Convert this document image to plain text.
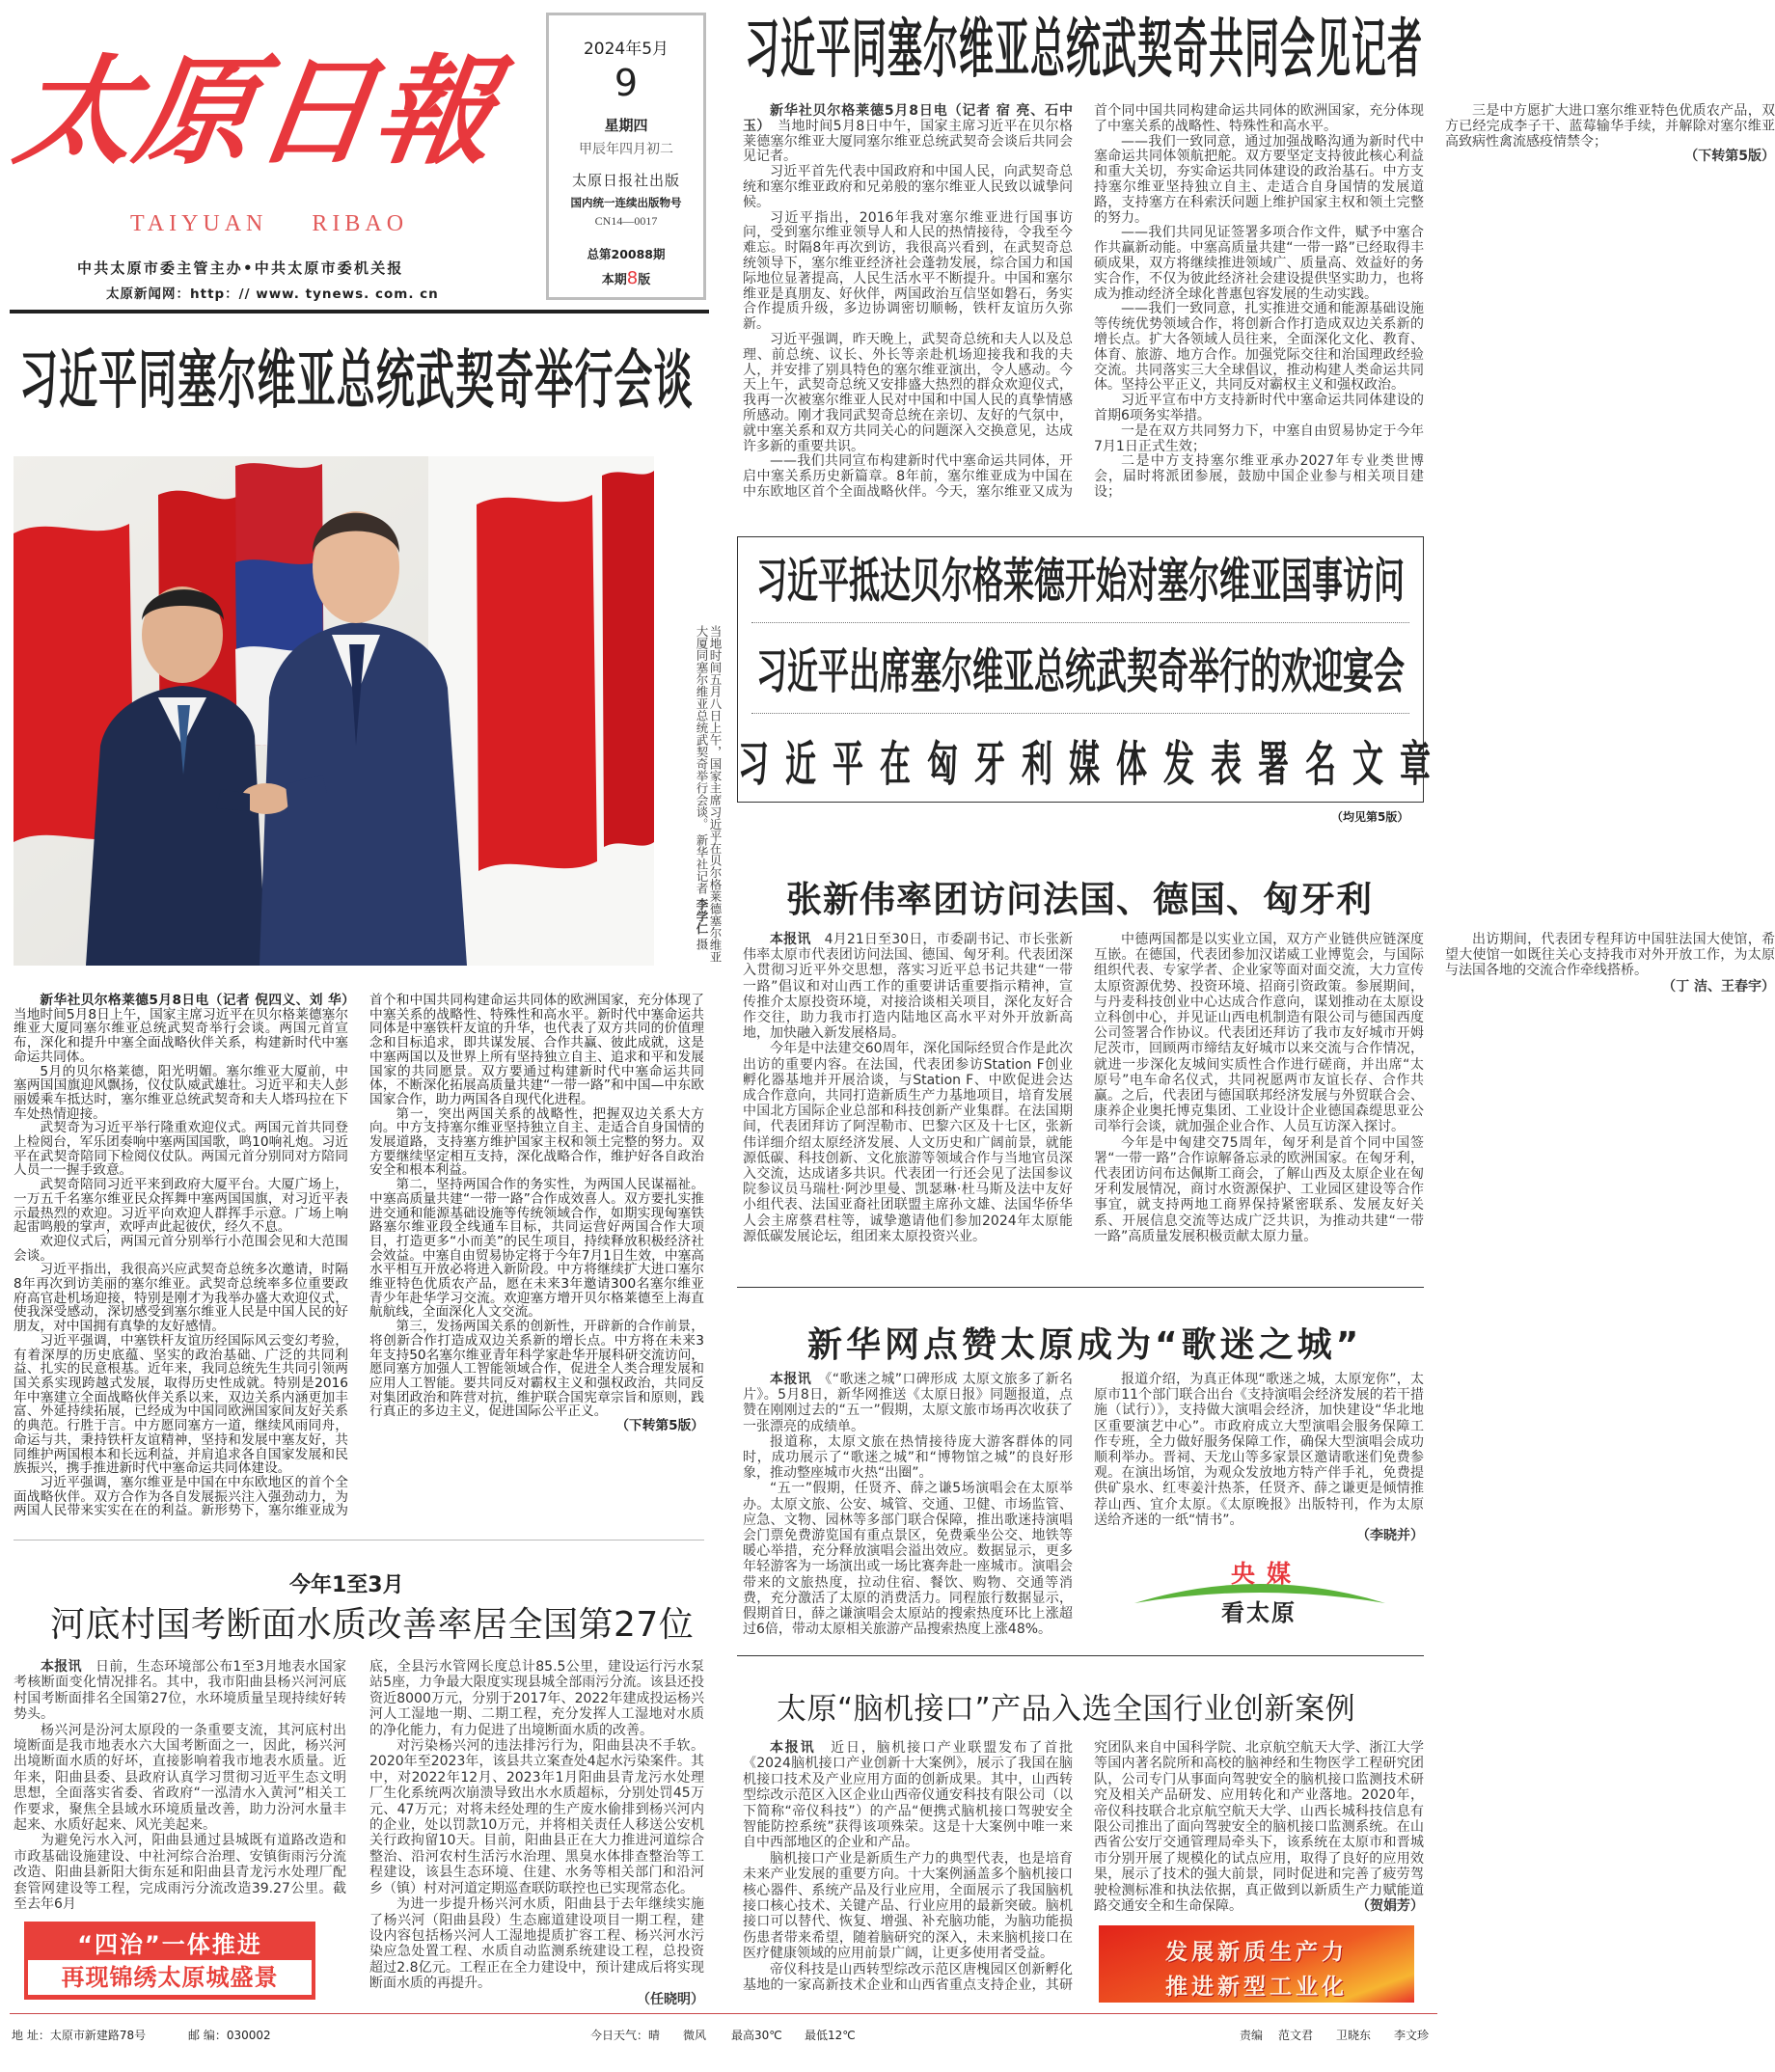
太原日報
TAIYUAN RIBAO
中共太原市委主管主办•中共太原市委机关报
太原新闻网：http：// www. tynews. com. cn
2024年5月
9
星期四
甲辰年四月初二
太原日报社出版
国内统一连续出版物号
CN14—0017
总第20088期
本期8版
习近平同塞尔维亚总统武契奇举行会谈
当地时间五月八日上午，国家主席习近平在贝尔格莱德塞尔维亚大厦同塞尔维亚总统武契奇举行会谈。 新华社记者 李学仁 摄

新华社贝尔格莱德5月8日电（记者 倪四义、刘 华）　当地时间5月8日上午，国家主席习近平在贝尔格莱德塞尔维亚大厦同塞尔维亚总统武契奇举行会谈。两国元首宣布，深化和提升中塞全面战略伙伴关系，构建新时代中塞命运共同体。

5月的贝尔格莱德，阳光明媚。塞尔维亚大厦前，中塞两国国旗迎风飘扬，仪仗队威武雄壮。习近平和夫人彭丽媛乘车抵达时，塞尔维亚总统武契奇和夫人塔玛拉在下车处热情迎接。

武契奇为习近平举行隆重欢迎仪式。两国元首共同登上检阅台，军乐团奏响中塞两国国歌，鸣10响礼炮。习近平在武契奇陪同下检阅仪仗队。两国元首分别同对方陪同人员一一握手致意。

武契奇陪同习近平来到政府大厦平台。大厦广场上，一万五千名塞尔维亚民众挥舞中塞两国国旗，对习近平表示最热烈的欢迎。习近平向欢迎人群挥手示意。广场上响起雷鸣般的掌声，欢呼声此起彼伏，经久不息。

欢迎仪式后，两国元首分别举行小范围会见和大范围会谈。

习近平指出，我很高兴应武契奇总统多次邀请，时隔8年再次到访美丽的塞尔维亚。武契奇总统率多位重要政府高官赴机场迎接，特别是刚才为我举办盛大欢迎仪式，使我深受感动，深切感受到塞尔维亚人民是中国人民的好朋友，对中国拥有真挚的友好感情。

习近平强调，中塞铁杆友谊历经国际风云变幻考验，有着深厚的历史底蕴、坚实的政治基础、广泛的共同利益、扎实的民意根基。近年来，我同总统先生共同引领两国关系实现跨越式发展，取得历史性成就。特别是2016年中塞建立全面战略伙伴关系以来，双边关系内涵更加丰富、外延持续拓展，已经成为中国同欧洲国家间友好关系的典范。行胜于言。中方愿同塞方一道，继续风雨同舟，命运与共，秉持铁杆友谊精神，坚持和发展中塞友好，共同维护两国根本和长远利益，并肩追求各自国家发展和民族振兴，携手推进新时代中塞命运共同体建设。

习近平强调，塞尔维亚是中国在中东欧地区的首个全面战略伙伴。双方合作为各自发展振兴注入强劲动力，为两国人民带来实实在在的利益。新形势下，塞尔维亚成为首个和中国共同构建命运共同体的欧洲国家，充分体现了中塞关系的战略性、特殊性和高水平。新时代中塞命运共同体是中塞铁杆友谊的升华，也代表了双方共同的价值理念和目标追求，即共谋发展、合作共赢、彼此成就，这是中塞两国以及世界上所有坚持独立自主、追求和平和发展国家的共同愿景。双方要通过构建新时代中塞命运共同体，不断深化拓展高质量共建“一带一路”和中国—中东欧国家合作，助力两国各自现代化进程。

第一，突出两国关系的战略性，把握双边关系大方向。中方支持塞尔维亚坚持独立自主、走适合自身国情的发展道路，支持塞方维护国家主权和领土完整的努力。双方要继续坚定相互支持，深化战略合作，维护好各自政治安全和根本利益。

第二，坚持两国合作的务实性，为两国人民谋福祉。中塞高质量共建“一带一路”合作成效喜人。双方要扎实推进交通和能源基础设施等传统领域合作，如期实现匈塞铁路塞尔维亚段全线通车目标，共同运营好两国合作大项目，打造更多“小而美”的民生项目，持续释放积极经济社会效益。中塞自由贸易协定将于今年7月1日生效，中塞高水平相互开放必将进入新阶段。中方将继续扩大进口塞尔维亚特色优质农产品，愿在未来3年邀请300名塞尔维亚青少年赴华学习交流。欢迎塞方增开贝尔格莱德至上海直航航线，全面深化人文交流。

第三，发扬两国关系的创新性，开辟新的合作前景，将创新合作打造成双边关系新的增长点。中方将在未来3年支持50名塞尔维亚青年科学家赴华开展科研交流访问，愿同塞方加强人工智能领域合作，促进全人类合理发展和应用人工智能。要共同反对霸权主义和强权政治，共同反对集团政治和阵营对抗，维护联合国宪章宗旨和原则，践行真正的多边主义，促进国际公平正义。

（下转第5版）
习近平同塞尔维亚总统武契奇共同会见记者

新华社贝尔格莱德5月8日电（记者 宿 亮、石中玉）　 当地时间5月8日中午，国家主席习近平在贝尔格莱德塞尔维亚大厦同塞尔维亚总统武契奇会谈后共同会见记者。

习近平首先代表中国政府和中国人民，向武契奇总统和塞尔维亚政府和兄弟般的塞尔维亚人民致以诚挚问候。

习近平指出，2016年我对塞尔维亚进行国事访问，受到塞尔维亚领导人和人民的热情接待，令我至今难忘。时隔8年再次到访，我很高兴看到，在武契奇总统领导下，塞尔维亚经济社会蓬勃发展，综合国力和国际地位显著提高，人民生活水平不断提升。中国和塞尔维亚是真朋友、好伙伴，两国政治互信坚如磐石，务实合作提质升级，多边协调密切顺畅，铁杆友谊历久弥新。

习近平强调，昨天晚上，武契奇总统和夫人以及总理、前总统、议长、外长等亲赴机场迎接我和我的夫人，并安排了别具特色的塞尔维亚演出，令人感动。今天上午，武契奇总统又安排盛大热烈的群众欢迎仪式，我再一次被塞尔维亚人民对中国和中国人民的真挚情感所感动。刚才我同武契奇总统在亲切、友好的气氛中，就中塞关系和双方共同关心的问题深入交换意见，达成许多新的重要共识。

——我们共同宣布构建新时代中塞命运共同体，开启中塞关系历史新篇章。8年前，塞尔维亚成为中国在中东欧地区首个全面战略伙伴。今天，塞尔维亚又成为首个同中国共同构建命运共同体的欧洲国家，充分体现了中塞关系的战略性、特殊性和高水平。

——我们一致同意，通过加强战略沟通为新时代中塞命运共同体领航把舵。双方要坚定支持彼此核心利益和重大关切，夯实命运共同体建设的政治基石。中方支持塞尔维亚坚持独立自主、走适合自身国情的发展道路，支持塞方在科索沃问题上维护国家主权和领土完整的努力。

——我们共同见证签署多项合作文件，赋予中塞合作共赢新动能。中塞高质量共建“一带一路”已经取得丰硕成果，双方将继续推进领域广、质量高、效益好的务实合作，不仅为彼此经济社会建设提供坚实助力，也将成为推动经济全球化普惠包容发展的生动实践。

——我们一致同意，扎实推进交通和能源基础设施等传统优势领域合作，将创新合作打造成双边关系新的增长点。扩大各领域人员往来，全面深化文化、教育、体育、旅游、地方合作。加强党际交往和治国理政经验交流。共同落实三大全球倡议，推动构建人类命运共同体。坚持公平正义，共同反对霸权主义和强权政治。

习近平宣布中方支持新时代中塞命运共同体建设的首期6项务实举措。

一是在双方共同努力下，中塞自由贸易协定于今年7月1日正式生效；

二是中方支持塞尔维亚承办2027年专业类世博会，届时将派团参展，鼓励中国企业参与相关项目建设；

三是中方愿扩大进口塞尔维亚特色优质农产品，双方已经完成李子干、蓝莓输华手续，并解除对塞尔维亚高致病性禽流感疫情禁令；

（下转第5版）
习近平抵达贝尔格莱德开始对塞尔维亚国事访问
习近平出席塞尔维亚总统武契奇举行的欢迎宴会
习近平在匈牙利媒体发表署名文章
（均见第5版）
张新伟率团访问法国、德国、匈牙利

本报讯　 4月21日至30日，市委副书记、市长张新伟率太原市代表团访问法国、德国、匈牙利。代表团深入贯彻习近平外交思想，落实习近平总书记共建“一带一路”倡议和对山西工作的重要讲话重要指示精神，宣传推介太原投资环境，对接洽谈相关项目，深化友好合作交往，助力我市打造内陆地区高水平对外开放新高地，加快融入新发展格局。

今年是中法建交60周年，深化国际经贸合作是此次出访的重要内容。在法国，代表团参访Station F创业孵化器基地并开展洽谈，与Station F、中欧促进会达成合作意向，共同打造新质生产力基地项目，培育发展中国北方国际企业总部和科技创新产业集群。在法国期间，代表团拜访了阿涅勒市、巴黎六区及十七区，张新伟详细介绍太原经济发展、人文历史和广阔前景，就能源低碳、科技创新、文化旅游等领域合作与当地官员深入交流，达成诸多共识。代表团一行还会见了法国参议院参议员马瑞杜·阿沙里曼、凯瑟琳·杜马斯及法中友好小组代表、法国亚裔社团联盟主席孙文雄、法国华侨华人会主席蔡君柱等，诚挚邀请他们参加2024年太原能源低碳发展论坛，组团来太原投资兴业。

中德两国都是以实业立国，双方产业链供应链深度互嵌。在德国，代表团参加汉诺威工业博览会，与国际组织代表、专家学者、企业家等面对面交流，大力宣传太原资源优势、投资环境、招商引资政策。参展期间，与丹麦科技创业中心达成合作意向，谋划推动在太原设立科创中心，并见证山西电机制造有限公司与德国西度公司签署合作协议。代表团还拜访了我市友好城市开姆尼茨市，回顾两市缔结友好城市以来交流与合作情况，就进一步深化友城间实质性合作进行磋商，并出席“太原号”电车命名仪式，共同祝愿两市友谊长存、合作共赢。之后，代表团与德国联邦经济发展与外贸联合会、康养企业奥托博克集团、工业设计企业德国森缇思亚公司举行会谈，就加强企业合作、人员互访深入探讨。

今年是中匈建交75周年，匈牙利是首个同中国签署“一带一路”合作谅解备忘录的欧洲国家。在匈牙利，代表团访问布达佩斯工商会，了解山西及太原企业在匈牙利发展情况，商讨水资源保护、工业园区建设等合作事宜，就支持两地工商界保持紧密联系、发展友好关系、开展信息交流等达成广泛共识，为推动共建“一带一路”高质量发展积极贡献太原力量。

出访期间，代表团专程拜访中国驻法国大使馆，希望大使馆一如既往关心支持我市对外开放工作，为太原与法国各地的交流合作牵线搭桥。

（丁 洁、王春宇）
新华网点赞太原成为“歌迷之城”

本报讯　 《“歌迷之城”口碑形成 太原文旅多了新名片》。5月8日，新华网推送《太原日报》同题报道，点赞在刚刚过去的“五一”假期，太原文旅市场再次收获了一张漂亮的成绩单。

报道称，太原文旅在热情接待庞大游客群体的同时，成功展示了“歌迷之城”和“博物馆之城”的良好形象，推动整座城市火热“出圈”。

“五一”假期，任贤齐、薛之谦5场演唱会在太原举办。太原文旅、公安、城管、交通、卫健、市场监管、应急、文物、园林等多部门联合保障，推出歌迷持演唱会门票免费游览国有重点景区，免费乘坐公交、地铁等暖心举措，充分释放演唱会溢出效应。数据显示，更多年轻游客为一场演出或一场比赛奔赴一座城市。演唱会带来的文旅热度，拉动住宿、餐饮、购物、交通等消费，充分激活了太原的消费活力。同程旅行数据显示，假期首日，薛之谦演唱会太原站的搜索热度环比上涨超过6倍，带动太原相关旅游产品搜索热度上涨48%。

报道介绍，为真正体现“歌迷之城，太原宠你”，太原市11个部门联合出台《支持演唱会经济发展的若干措施（试行）》，支持做大演唱会经济，加快建设“华北地区重要演艺中心”。市政府成立大型演唱会服务保障工作专班，全力做好服务保障工作，确保大型演唱会成功顺利举办。晋祠、天龙山等多家景区邀请歌迷们免费参观。在演出场馆，为观众发放地方特产伴手礼，免费提供矿泉水、红枣姜汁热茶，任贤齐、薛之谦更是倾情推荐山西、宜介太原。《太原晚报》出版特刊，作为太原送给齐迷的一纸“情书”。

（李晓并）
央媒
看太原
太原“脑机接口”产品入选全国行业创新案例

本报讯　 近日，脑机接口产业联盟发布了首批《2024脑机接口产业创新十大案例》，展示了我国在脑机接口技术及产业应用方面的创新成果。其中，山西转型综改示范区入区企业山西帝仪通安科技有限公司（以下简称“帝仪科技”）的产品“便携式脑机接口驾驶安全智能防控系统”获得该项殊荣。这是十大案例中唯一来自中西部地区的企业和产品。

脑机接口产业是新质生产力的典型代表，也是培育未来产业发展的重要方向。十大案例涵盖多个脑机接口核心器件、系统产品及行业应用，全面展示了我国脑机接口核心技术、关键产品、行业应用的最新突破。脑机接口可以替代、恢复、增强、补充脑功能，为脑功能损伤患者带来希望，随着脑研究的深入，未来脑机接口在医疗健康领域的应用前景广阔，让更多使用者受益。

帝仪科技是山西转型综改示范区唐槐园区创新孵化基地的一家高新技术企业和山西省重点支持企业，其研究团队来自中国科学院、北京航空航天大学、浙江大学等国内著名院所和高校的脑神经和生物医学工程研究团队，公司专门从事面向驾驶安全的脑机接口监测技术研究及相关产品研发、应用转化和产业落地。2020年，帝仪科技联合北京航空航天大学、山西长城科技信息有限公司推出了面向驾驶安全的脑机接口监测系统。在山西省公安厅交通管理局牵头下，该系统在太原市和晋城市分别开展了规模化的试点应用，取得了良好的应用效果，展示了技术的强大前景，同时促进和完善了疲劳驾驶检测标准和执法依据，真正做到以新质生产力赋能道路交通安全和生命保障。	（贺娟芳）

发展新质生产力
推进新型工业化
今年1至3月
河底村国考断面水质改善率居全国第27位

本报讯　 日前，生态环境部公布1至3月地表水国家考核断面变化情况排名。其中，我市阳曲县杨兴河河底村国考断面排名全国第27位，水环境质量呈现持续好转势头。

杨兴河是汾河太原段的一条重要支流，其河底村出境断面是我市地表水六大国考断面之一，因此，杨兴河出境断面水质的好坏，直接影响着我市地表水质量。近年来，阳曲县委、县政府认真学习贯彻习近平生态文明思想，全面落实省委、省政府“一泓清水入黄河”相关工作要求，聚焦全县域水环境质量改善，助力汾河水量丰起来、水质好起来、风光美起来。

为避免污水入河，阳曲县通过县城既有道路改造和市政基础设施建设、中社河综合治理、安镇街雨污分流改造、阳曲县新阳大街东延和阳曲县青龙污水处理厂配套管网建设等工程，完成雨污分流改造39.27公里。截至去年6月

底，全县污水管网长度总计85.5公里，建设运行污水泵站5座，力争最大限度实现县城全部雨污分流。该县还投资近8000万元，分别于2017年、2022年建成投运杨兴河人工湿地一期、二期工程，充分发挥人工湿地对水质的净化能力，有力促进了出境断面水质的改善。

对污染杨兴河的违法排污行为，阳曲县决不手软。2020年至2023年，该县共立案查处4起水污染案件。其中，对2022年12月、2023年1月阳曲县青龙污水处理厂生化系统两次崩溃导致出水水质超标，分别处罚45万元、47万元；对将未经处理的生产废水偷排到杨兴河内的企业，处以罚款10万元，并将相关责任人移送公安机关行政拘留10天。目前，阳曲县正在大力推进河道综合整治、沿河农村生活污水治理、黑臭水体排查整治等工程建设，该县生态环境、住建、水务等相关部门和沿河乡（镇）村对河道定期巡查联防联控也已实现常态化。

为进一步提升杨兴河水质，阳曲县于去年继续实施了杨兴河（阳曲县段）生态廊道建设项目一期工程，建设内容包括杨兴河人工湿地提质扩容工程、杨兴河水污染应急处置工程、水质自动监测系统建设工程，总投资超过2.8亿元。工程正在全力建设中，预计建成后将实现断面水质的再提升。

（任晓明）
“四治”一体推进
再现锦绣太原城盛景
地 址：太原市新建路78号	邮 编：030002	今日天气：晴 微风 最高30℃ 最低12℃	责编 范文君 卫晓东 李文珍
